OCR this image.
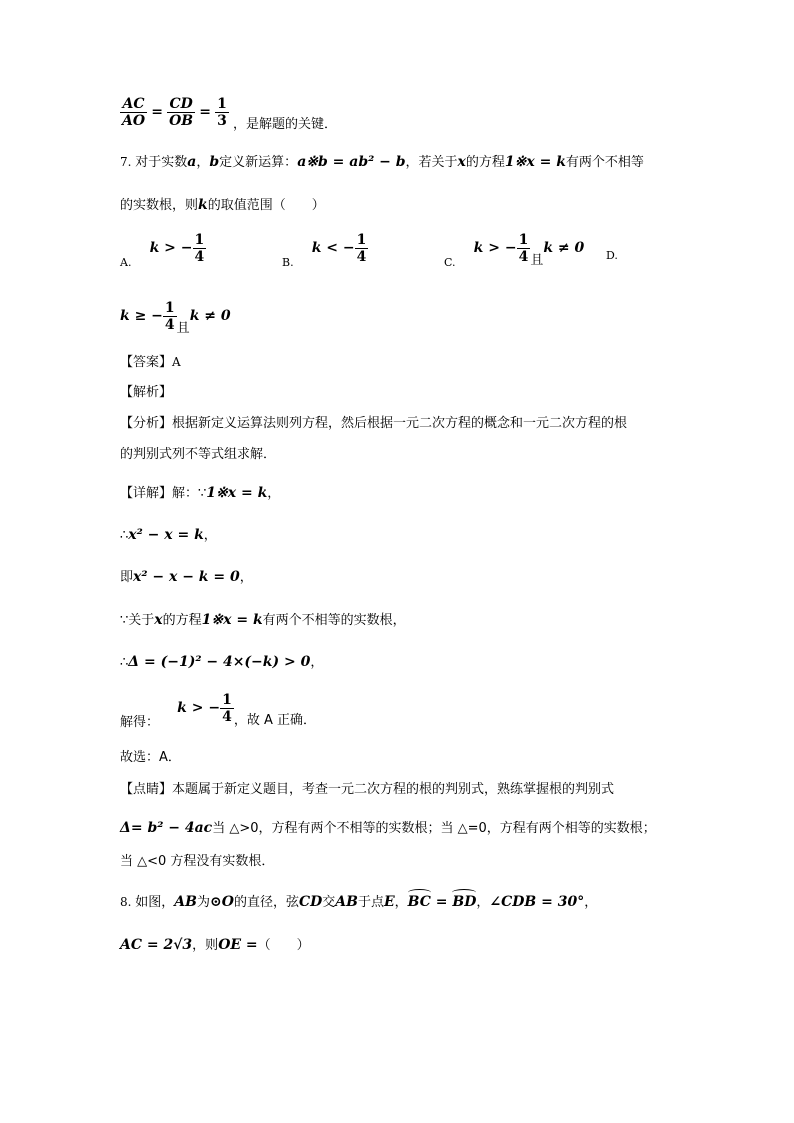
$\frac{AC}{AO} = \frac{CD}{OB} = \frac{1}{3}$ ，是解题的关键．
7. 对于实数a，b定义新运算：a※b = ab² − b，若关于x的方程1※x = k有两个不相等
的实数根，则k的取值范围（　　）
$_{A.}$ k > − $\frac{1}{4}$	$_{B.}$ k < − $\frac{1}{4}$	$_{C.}$ k > − $\frac{1}{4}$ 且k ≠ 0 $_{D.}$
k ≥ − $\frac{1}{4}$ 且k ≠ 0
【答案】A
【解析】
【分析】根据新定义运算法则列方程，然后根据一元二次方程的概念和一元二次方程的根
的判别式列不等式组求解．
【详解】解：∵1※x = k，
∴x² − x = k，
即x² − x − k = 0，
∵关于x的方程1※x = k有两个不相等的实数根，
∴Δ = (−1)² − 4×(−k) > 0，
解得： k > − $\frac{1}{4}$ ，故 A 正确．
故选：A．
【点睛】本题属于新定义题目，考查一元二次方程的根的判别式，熟练掌握根的判别式
Δ= b² − 4ac当 △>0，方程有两个不相等的实数根；当 △=0，方程有两个相等的实数根；
当 △<0 方程没有实数根．
8. 如图，AB为⊙O的直径，弦CD交AB于点E，BC = BD，∠CDB = 30°，
AC = 2√3，则OE =（　　）
